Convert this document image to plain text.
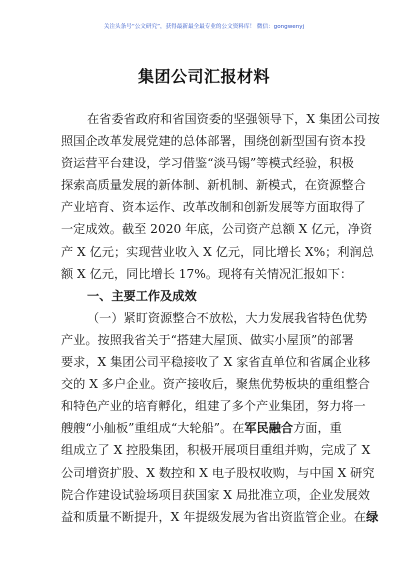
关注头条号“公文研究”，获得最新最全最专业的公文资料库！ 微信：gongwenyj
集团公司汇报材料
在省委省政府和省国资委的坚强领导下，X 集团公司按
照国企改革发展党建的总体部署，围绕创新型国有资本投
资运营平台建设，学习借鉴“淡马锡”等模式经验，积极
探索高质量发展的新体制、新机制、新模式，在资源整合
产业培育、资本运作、改革改制和创新发展等方面取得了
一定成效。截至 2020 年底，公司资产总额 X 亿元，净资
产 X 亿元；实现营业收入 X 亿元，同比增长 X%；利润总
额 X 亿元，同比增长 17%。现将有关情况汇报如下：
一、主要工作及成效
（一）紧盯资源整合不放松，大力发展我省特色优势
产业。按照我省关于“搭建大屋顶、做实小屋顶”的部署
要求，X 集团公司平稳接收了 X 家省直单位和省属企业移
交的 X 多户企业。资产接收后，聚焦优势板块的重组整合
和特色产业的培育孵化，组建了多个产业集团，努力将一
艘艘“小舢板”重组成“大轮船”。在军民融合方面，重
组成立了 X 控股集团，积极开展项目重组并购，完成了 X
公司增资扩股、X 数控和 X 电子股权收购，与中国 X 研究
院合作建设试验场项目获国家 X 局批准立项，企业发展效
益和质量不断提升，X 年提级发展为省出资监管企业。在绿
